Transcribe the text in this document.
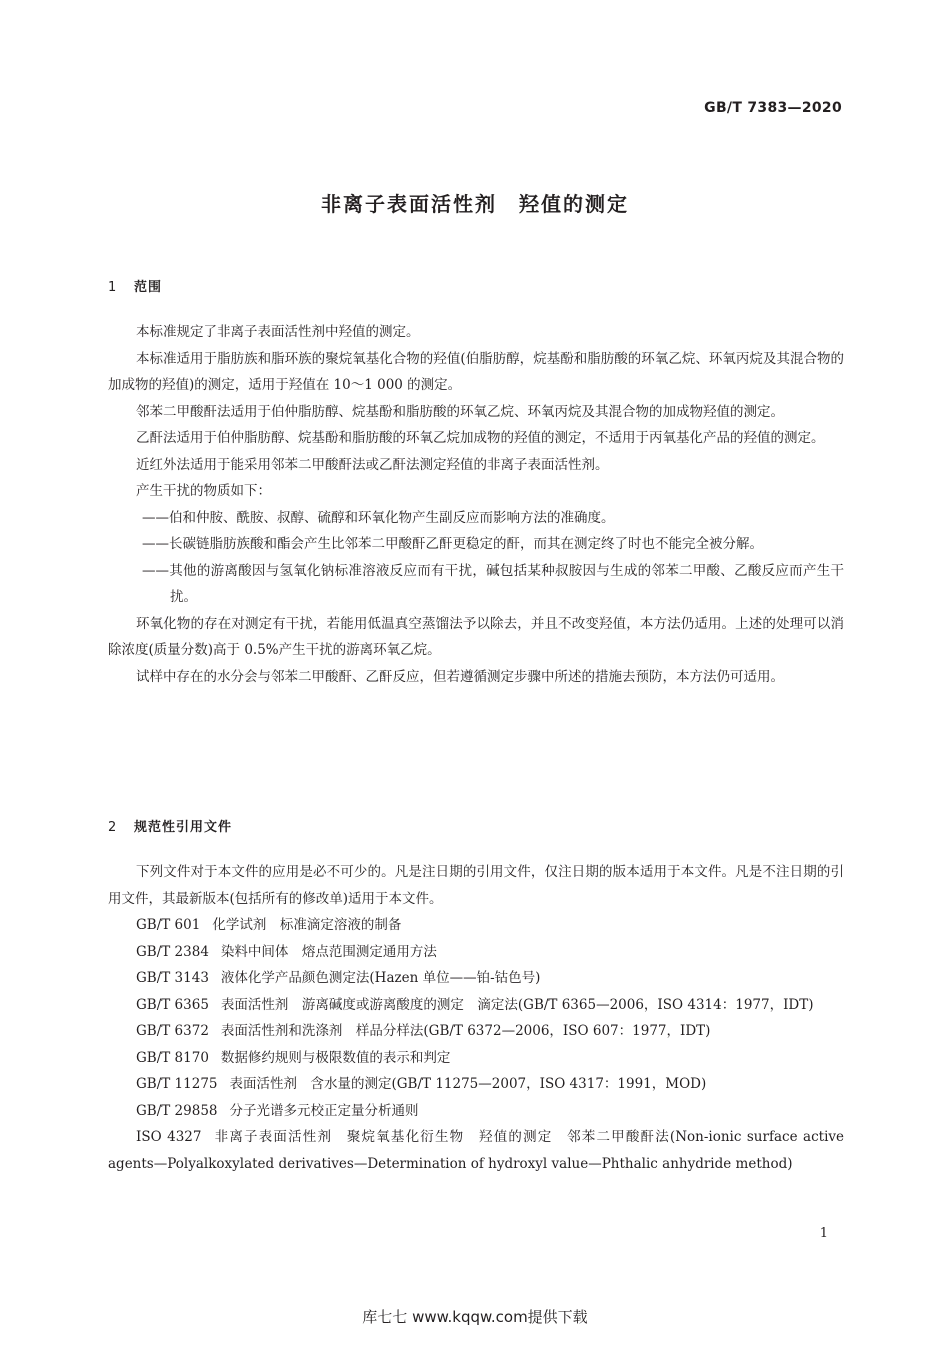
GB/T 7383—2020
非离子表面活性剂　羟值的测定
1 范围

本标准规定了非离子表面活性剂中羟值的测定。

本标准适用于脂肪族和脂环族的聚烷氧基化合物的羟值(伯脂肪醇，烷基酚和脂肪酸的环氧乙烷、环氧丙烷及其混合物的加成物的羟值)的测定，适用于羟值在 10～1 000 的测定。

邻苯二甲酸酐法适用于伯仲脂肪醇、烷基酚和脂肪酸的环氧乙烷、环氧丙烷及其混合物的加成物羟值的测定。

乙酐法适用于伯仲脂肪醇、烷基酚和脂肪酸的环氧乙烷加成物的羟值的测定，不适用于丙氧基化产品的羟值的测定。

近红外法适用于能采用邻苯二甲酸酐法或乙酐法测定羟值的非离子表面活性剂。

产生干扰的物质如下：

——伯和仲胺、酰胺、叔醇、硫醇和环氧化物产生副反应而影响方法的准确度。

——长碳链脂肪族酸和酯会产生比邻苯二甲酸酐乙酐更稳定的酐，而其在测定终了时也不能完全被分解。

——其他的游离酸因与氢氧化钠标准溶液反应而有干扰，碱包括某种叔胺因与生成的邻苯二甲酸、乙酸反应而产生干扰。

环氧化物的存在对测定有干扰，若能用低温真空蒸馏法予以除去，并且不改变羟值，本方法仍适用。上述的处理可以消除浓度(质量分数)高于 0.5%产生干扰的游离环氧乙烷。

试样中存在的水分会与邻苯二甲酸酐、乙酐反应，但若遵循测定步骤中所述的措施去预防，本方法仍可适用。

2 规范性引用文件

下列文件对于本文件的应用是必不可少的。凡是注日期的引用文件，仅注日期的版本适用于本文件。凡是不注日期的引用文件，其最新版本(包括所有的修改单)适用于本文件。

GB/T 601 化学试剂　标准滴定溶液的制备

GB/T 2384 染料中间体　熔点范围测定通用方法

GB/T 3143 液体化学产品颜色测定法(Hazen 单位——铂-钴色号)

GB/T 6365 表面活性剂　游离碱度或游离酸度的测定　滴定法(GB/T 6365—2006，ISO 4314：1977，IDT)

GB/T 6372 表面活性剂和洗涤剂　样品分样法(GB/T 6372—2006，ISO 607：1977，IDT)

GB/T 8170 数据修约规则与极限数值的表示和判定

GB/T 11275 表面活性剂　含水量的测定(GB/T 11275—2007，ISO 4317：1991，MOD)

GB/T 29858 分子光谱多元校正定量分析通则

ISO 4327 非离子表面活性剂　聚烷氧基化衍生物　羟值的测定　邻苯二甲酸酐法(Non-ionic surface active agents—Polyalkoxylated derivatives—Determination of hydroxyl value—Phthalic anhydride method)

1
库七七 www.kqqw.com提供下载
